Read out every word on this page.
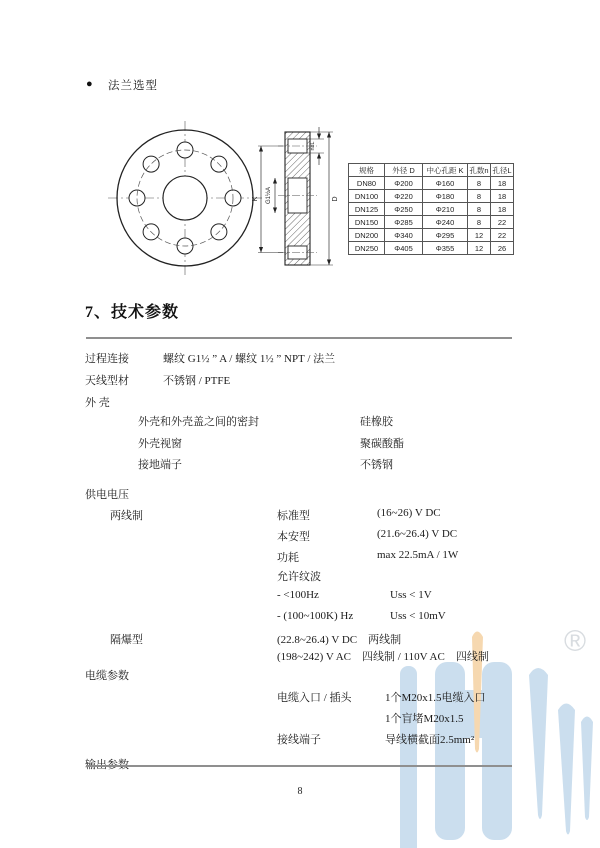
®
● 法兰选型
K G1½A
nxL
D
规格	外径 D	中心孔距 K	孔数n	孔径L
DN80	Φ200	Φ160	8	18
DN100	Φ220	Φ180	8	18
DN125	Φ250	Φ210	8	18
DN150	Φ285	Φ240	8	22
DN200	Φ340	Φ295	12	22
DN250	Φ405	Φ355	12	26
7、技术参数
过程连接	螺纹 G1½ ” A / 螺纹 1½ ” NPT / 法兰
天线型材	不锈钢 / PTFE
外 壳
外壳和外壳盖之间的密封	硅橡胶
外壳视窗	聚碳酸酯
接地端子	不锈钢
供电电压
两线制	标准型	(16~26) V DC
本安型	(21.6~26.4) V DC
功耗	max 22.5mA / 1W
允许纹波
- <100Hz	Uss < 1V
- (100~100K) Hz	Uss < 10mV
隔爆型	(22.8~26.4) V DC　两线制
(198~242) V AC　四线制 / 110V AC　四线制
电缆参数
电缆入口 / 插头	1个M20x1.5电缆入口
1个盲堵M20x1.5
接线端子	导线横截面2.5mm²
8
